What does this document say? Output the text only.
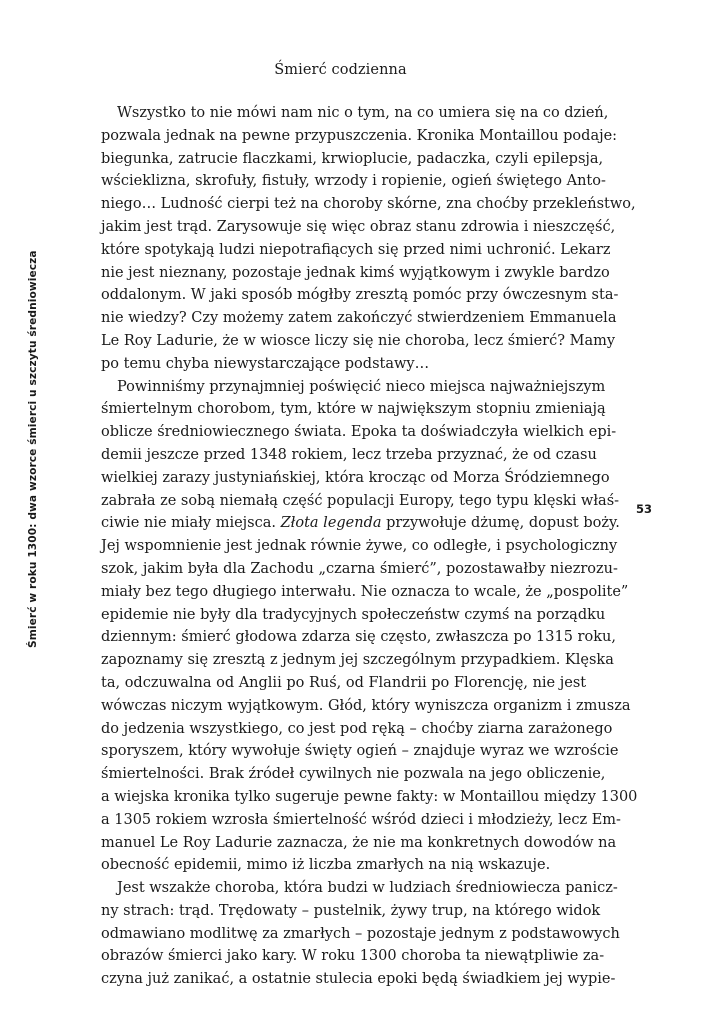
Śmierć codzienna
Śmierć w roku 1300: dwa wzorce śmierci u szczytu średniowiecza	53
Wszystko to nie mówi nam nic o tym, na co umiera się na co dzień,
pozwala jednak na pewne przypuszczenia. Kronika Montaillou podaje:
biegunka, zatrucie flaczkami, krwioplucie, padaczka, czyli epilepsja,
wścieklizna, skrofuły, fistuły, wrzody i ropienie, ogień świętego Anto-
niego… Ludność cierpi też na choroby skórne, zna choćby przekleństwo,
jakim jest trąd. Zarysowuje się więc obraz stanu zdrowia i nieszczęść,
które spotykają ludzi niepotrafiących się przed nimi uchronić. Lekarz
nie jest nieznany, pozostaje jednak kimś wyjątkowym i zwykle bardzo
oddalonym. W jaki sposób mógłby zresztą pomóc przy ówczesnym sta-
nie wiedzy? Czy możemy zatem zakończyć stwierdzeniem Emmanuela
Le Roy Ladurie, że w wiosce liczy się nie choroba, lecz śmierć? Mamy
po temu chyba niewystarczające podstawy…
Powinniśmy przynajmniej poświęcić nieco miejsca najważniejszym
śmiertelnym chorobom, tym, które w największym stopniu zmieniają
oblicze średniowiecznego świata. Epoka ta doświadczyła wielkich epi-
demii jeszcze przed 1348 rokiem, lecz trzeba przyznać, że od czasu
wielkiej zarazy justyniańskiej, która krocząc od Morza Śródziemnego
zabrała ze sobą niemałą część populacji Europy, tego typu klęski właś-
ciwie nie miały miejsca. Złota legenda przywołuje dżumę, dopust boży.
Jej wspomnienie jest jednak równie żywe, co odległe, i psychologiczny
szok, jakim była dla Zachodu „czarna śmierć”, pozostawałby niezrozu-
miały bez tego długiego interwału. Nie oznacza to wcale, że „pospolite”
epidemie nie były dla tradycyjnych społeczeństw czymś na porządku
dziennym: śmierć głodowa zdarza się często, zwłaszcza po 1315 roku,
zapoznamy się zresztą z jednym jej szczególnym przypadkiem. Klęska
ta, odczuwalna od Anglii po Ruś, od Flandrii po Florencję, nie jest
wówczas niczym wyjątkowym. Głód, który wyniszcza organizm i zmusza
do jedzenia wszystkiego, co jest pod ręką – choćby ziarna zarażonego
sporyszem, który wywołuje święty ogień – znajduje wyraz we wzroście
śmiertelności. Brak źródeł cywilnych nie pozwala na jego obliczenie,
a wiejska kronika tylko sugeruje pewne fakty: w Montaillou między 1300
a 1305 rokiem wzrosła śmiertelność wśród dzieci i młodzieży, lecz Em-
manuel Le Roy Ladurie zaznacza, że nie ma konkretnych dowodów na
obecność epidemii, mimo iż liczba zmarłych na nią wskazuje.
Jest wszakże choroba, która budzi w ludziach średniowiecza panicz-
ny strach: trąd. Trędowaty – pustelnik, żywy trup, na którego widok
odmawiano modlitwę za zmarłych – pozostaje jednym z podstawowych
obrazów śmierci jako kary. W roku 1300 choroba ta niewątpliwie za-
czyna już zanikać, a ostatnie stulecia epoki będą świadkiem jej wypie-
